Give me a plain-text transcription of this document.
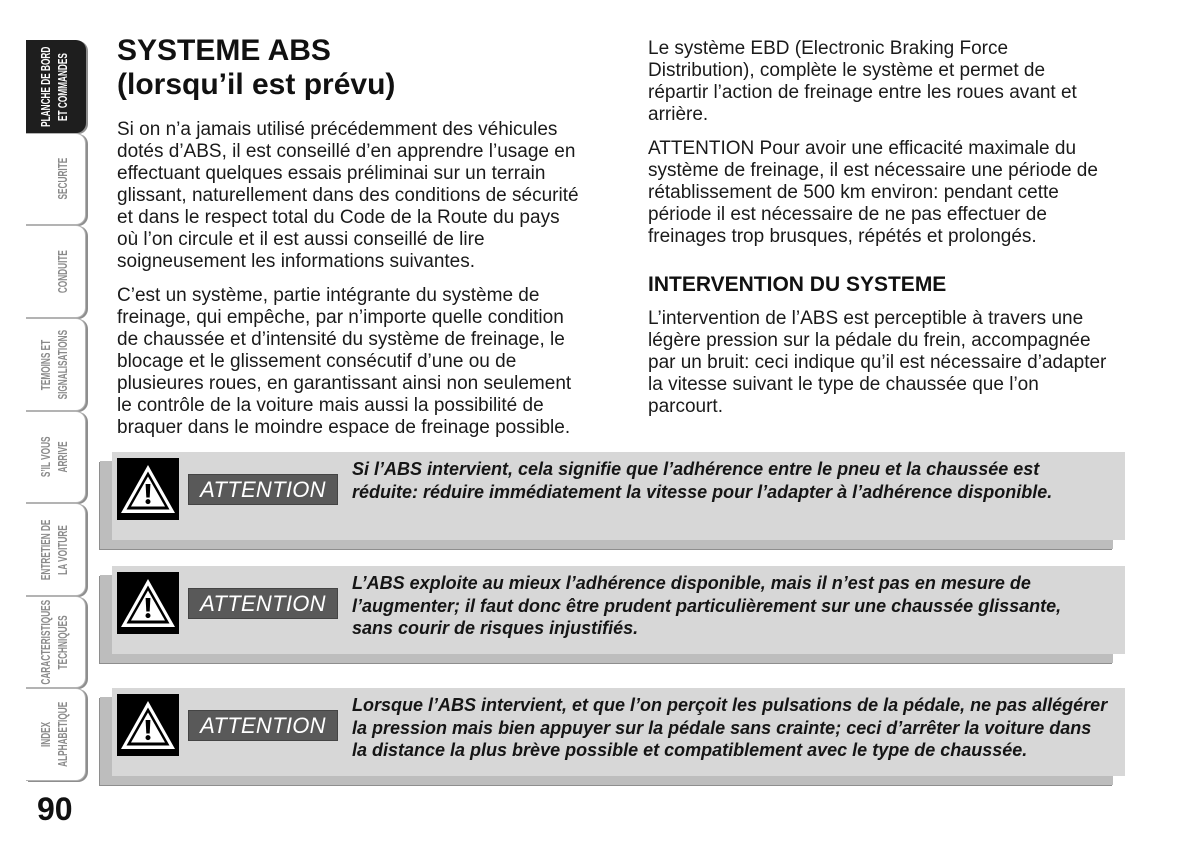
PLANCHE DE BORD ET COMMANDES
SECURITE
CONDUITE
TEMOINS ET SIGNALISATIONS
S’IL VOUS ARRIVE
ENTRETIEN DE LA VOITURE
CARACTERISTIQUES TECHNIQUES
INDEX ALPHABETIQUE
90
SYSTEME ABS
(lorsqu’il est prévu)
Si on n’a jamais utilisé précédemment des véhicules
dotés d’ABS, il est conseillé d’en apprendre l’usage en
effectuant quelques essais préliminai sur un terrain
glissant, naturellement dans des conditions de sécurité
et dans le respect total du Code de la Route du pays
où l’on circule et il est aussi conseillé de lire
soigneusement les informations suivantes.
C’est un système, partie intégrante du système de
freinage, qui empêche, par n’importe quelle condition
de chaussée et d’intensité du système de freinage, le
blocage et le glissement consécutif d’une ou de
plusieures roues, en garantissant ainsi non seulement
le contrôle de la voiture mais aussi la possibilité de
braquer dans le moindre espace de freinage possible.
Le système EBD (Electronic Braking Force
Distribution), complète le système et permet de
répartir l’action de freinage entre les roues avant et
arrière.
ATTENTION Pour avoir une efficacité maximale du
système de freinage, il est nécessaire une période de
rétablissement de 500 km environ: pendant cette
période il est nécessaire de ne pas effectuer de
freinages trop brusques, répétés et prolongés.
INTERVENTION DU SYSTEME
L’intervention de l’ABS est perceptible à travers une
légère pression sur la pédale du frein, accompagnée
par un bruit: ceci indique qu’il est nécessaire d’adapter
la vitesse suivant le type de chaussée que l’on
parcourt.
ATTENTION
Si l’ABS intervient, cela signifie que l’adhérence entre le pneu et la chaussée est
réduite: réduire immédiatement la vitesse pour l’adapter à l’adhérence disponible.
ATTENTION
L’ABS exploite au mieux l’adhérence disponible, mais il n’est pas en mesure de
l’augmenter; il faut donc être prudent particulièrement sur une chaussée glissante,
sans courir de risques injustifiés.
ATTENTION
Lorsque l’ABS intervient, et que l’on perçoit les pulsations de la pédale, ne pas allégérer
la pression mais bien appuyer sur la pédale sans crainte; ceci d’arrêter la voiture dans
la distance la plus brève possible et compatiblement avec le type de chaussée.
